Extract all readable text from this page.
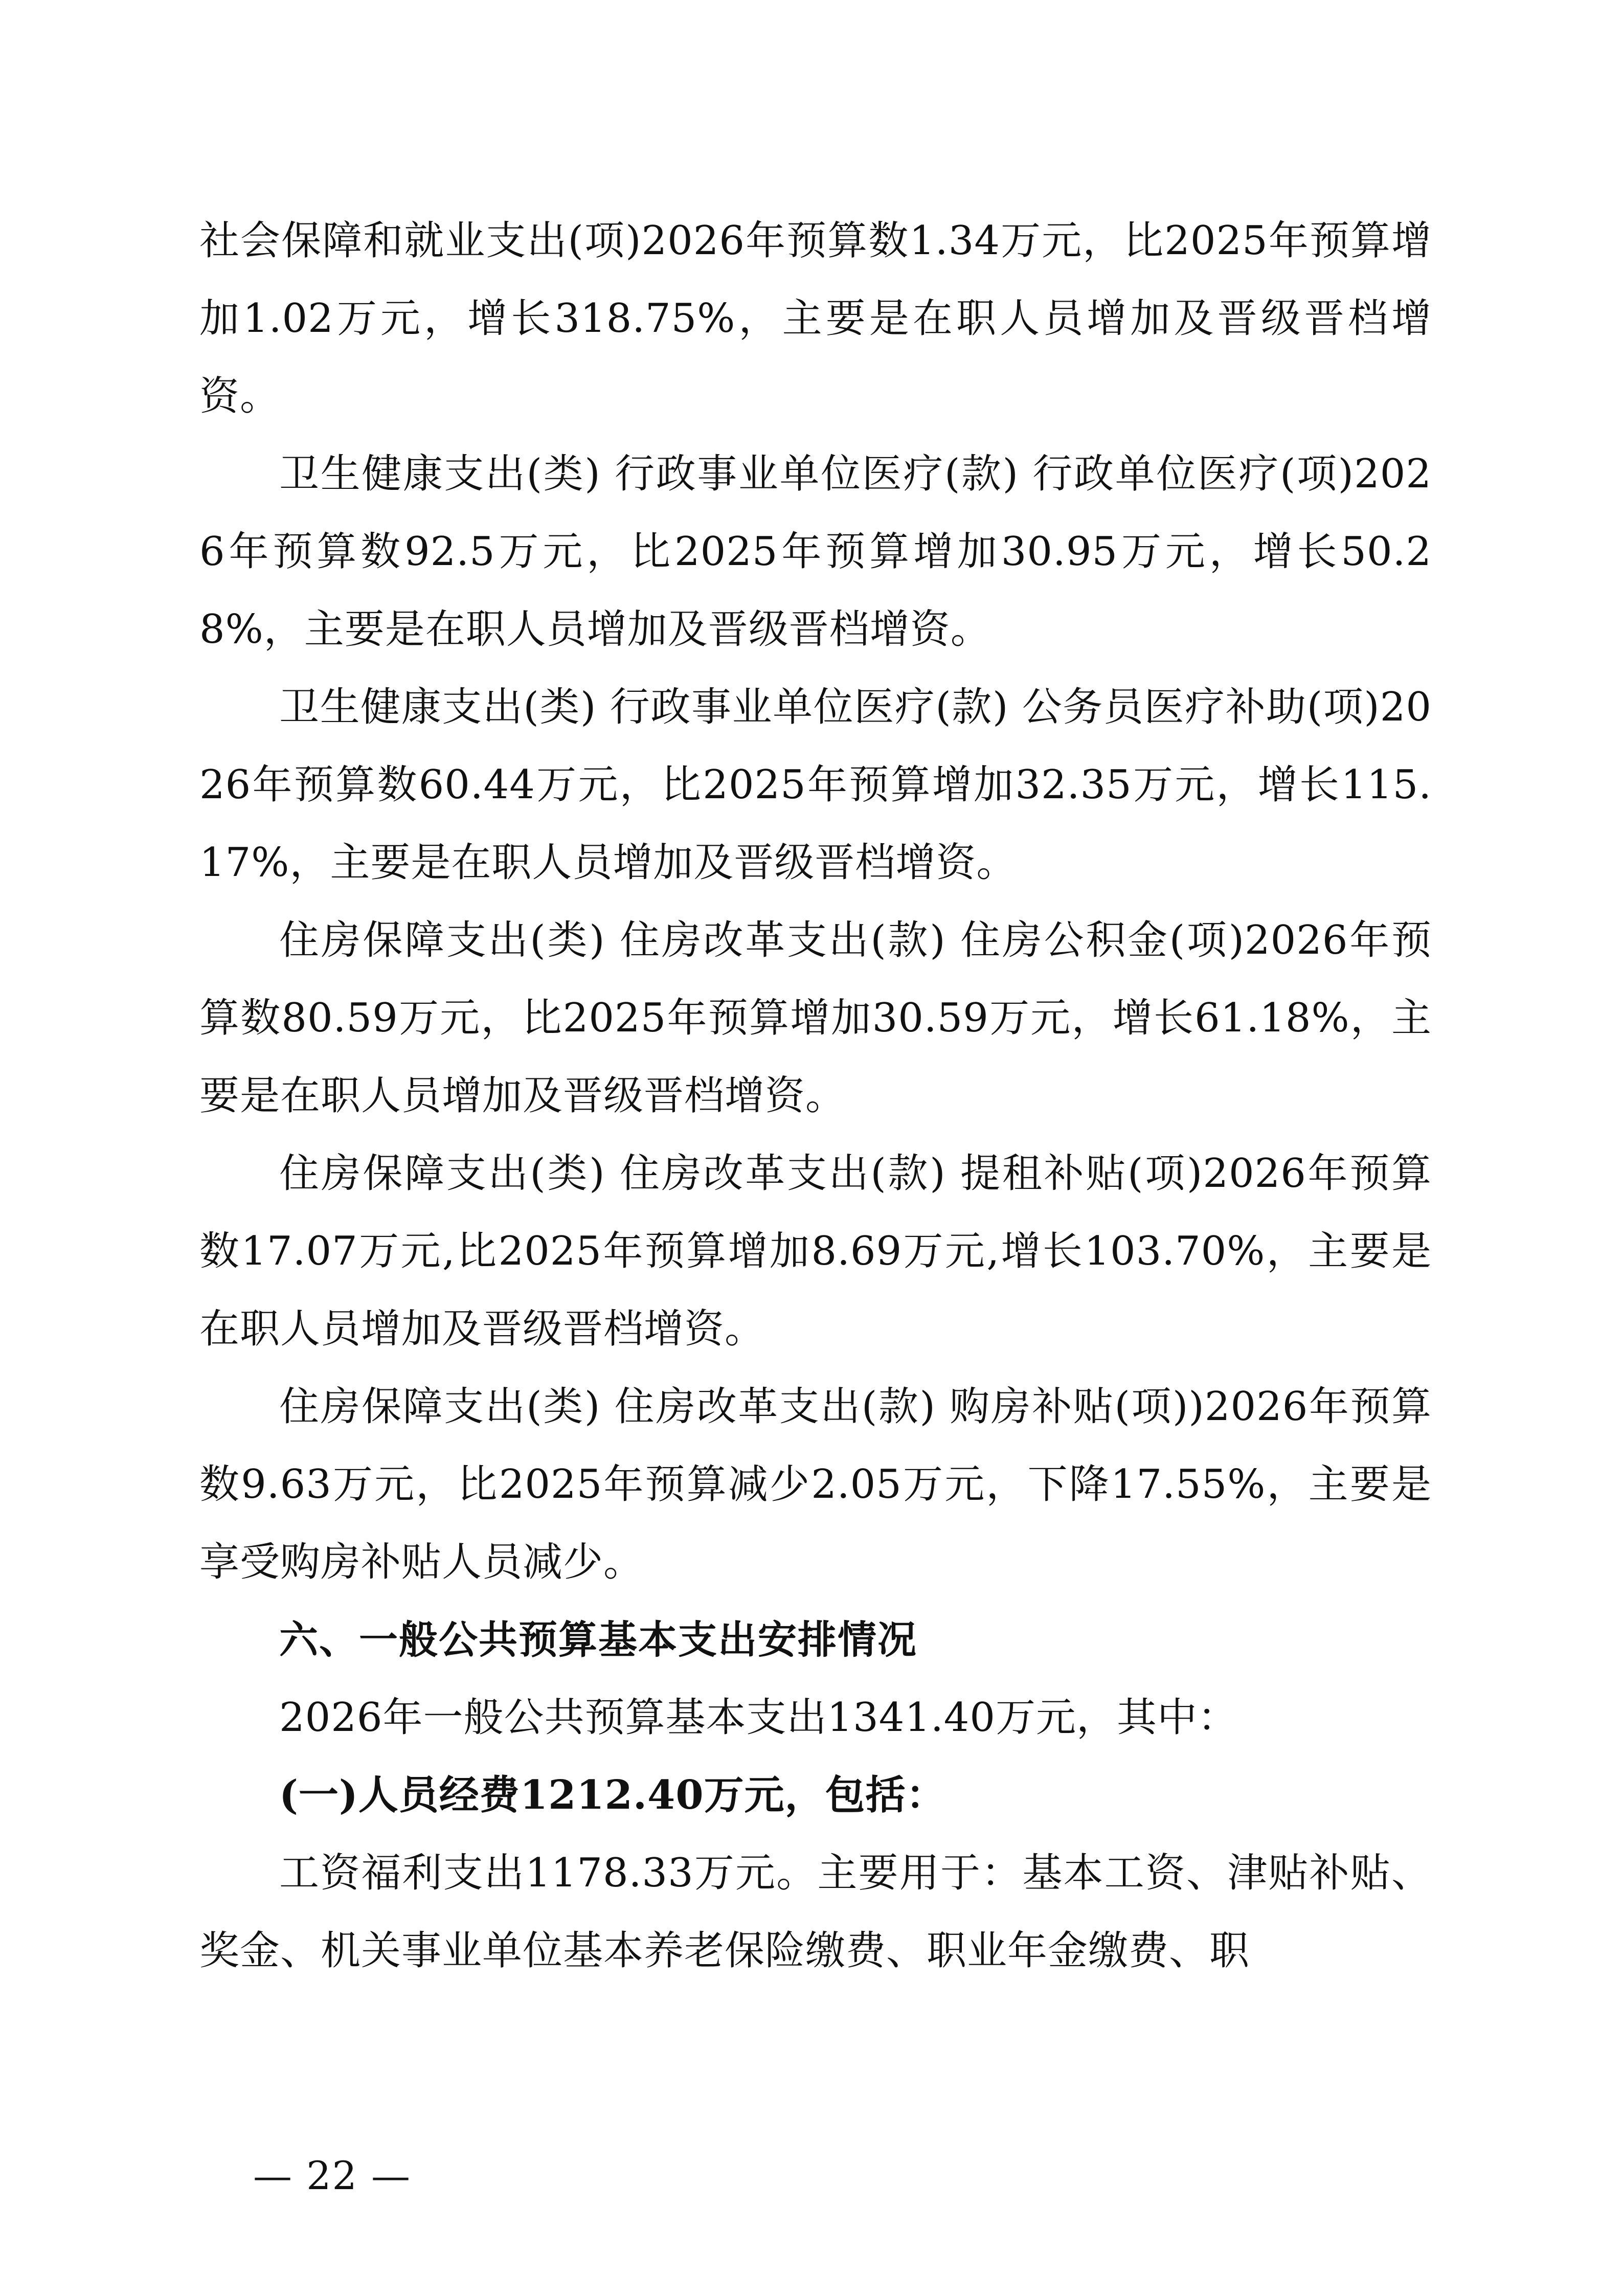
社会保障和就业支出(项)2026年预算数1.34万元，比2025年预算增加1.02万元，增长318.75%，主要是在职人员增加及晋级晋档增资。

卫生健康支出(类) 行政事业单位医疗(款) 行政单位医疗(项)2026年预算数92.5万元，比2025年预算增加30.95万元，增长50.28%，主要是在职人员增加及晋级晋档增资。

卫生健康支出(类) 行政事业单位医疗(款) 公务员医疗补助(项)2026年预算数60.44万元，比2025年预算增加32.35万元，增长115.17%，主要是在职人员增加及晋级晋档增资。

住房保障支出(类) 住房改革支出(款) 住房公积金(项)2026年预算数80.59万元，比2025年预算增加30.59万元，增长61.18%，主要是在职人员增加及晋级晋档增资。

住房保障支出(类) 住房改革支出(款) 提租补贴(项)2026年预算数17.07万元,比2025年预算增加8.69万元,增长103.70%，主要是在职人员增加及晋级晋档增资。

住房保障支出(类) 住房改革支出(款) 购房补贴(项))2026年预算数9.63万元，比2025年预算减少2.05万元，下降17.55%，主要是享受购房补贴人员减少。

六、一般公共预算基本支出安排情况

2026年一般公共预算基本支出1341.40万元，其中：

(一)人员经费1212.40万元，包括：

工资福利支出1178.33万元。主要用于：基本工资、津贴补贴、奖金、机关事业单位基本养老保险缴费、职业年金缴费、职

— 22 —
